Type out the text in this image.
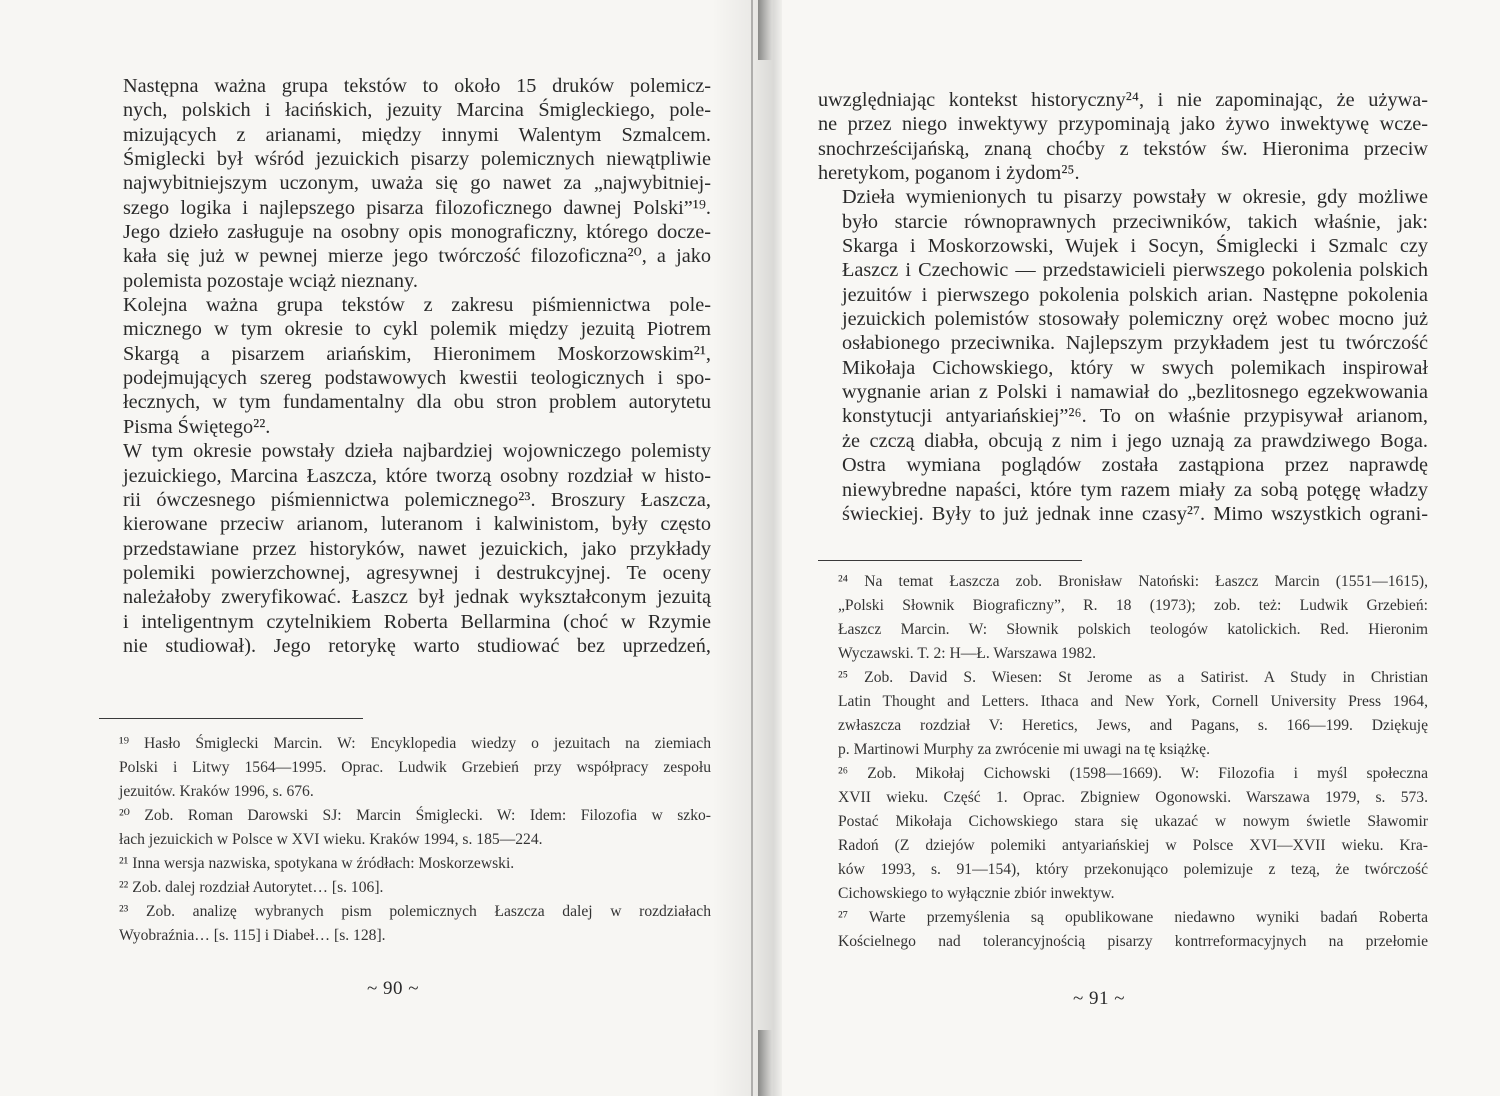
Następna ważna grupa tekstów to około 15 druków polemicz-
nych, polskich i łacińskich, jezuity Marcina Śmigleckiego, pole-
mizujących z arianami, między innymi Walentym Szmalcem.
Śmiglecki był wśród jezuickich pisarzy polemicznych niewątpliwie
najwybitniejszym uczonym, uważa się go nawet za „najwybitniej-
szego logika i najlepszego pisarza filozoficznego dawnej Polski”¹⁹.
Jego dzieło zasługuje na osobny opis monograficzny, którego docze-
kała się już w pewnej mierze jego twórczość filozoficzna²⁰, a jako
polemista pozostaje wciąż nieznany.

Kolejna ważna grupa tekstów z zakresu piśmiennictwa pole-
micznego w tym okresie to cykl polemik między jezuitą Piotrem
Skargą a pisarzem ariańskim, Hieronimem Moskorzowskim²¹,
podejmujących szereg podstawowych kwestii teologicznych i spo-
łecznych, w tym fundamentalny dla obu stron problem autorytetu
Pisma Świętego²².

W tym okresie powstały dzieła najbardziej wojowniczego polemisty
jezuickiego, Marcina Łaszcza, które tworzą osobny rozdział w histo-
rii ówczesnego piśmiennictwa polemicznego²³. Broszury Łaszcza,
kierowane przeciw arianom, luteranom i kalwinistom, były często
przedstawiane przez historyków, nawet jezuickich, jako przykłady
polemiki powierzchownej, agresywnej i destrukcyjnej. Te oceny
należałoby zweryfikować. Łaszcz był jednak wykształconym jezuitą
i inteligentnym czytelnikiem Roberta Bellarmina (choć w Rzymie
nie studiował). Jego retorykę warto studiować bez uprzedzeń,

¹⁹ Hasło Śmiglecki Marcin. W: Encyklopedia wiedzy o jezuitach na ziemiach
Polski i Litwy 1564—1995. Oprac. Ludwik Grzebień przy współpracy zespołu
jezuitów. Kraków 1996, s. 676.

²⁰ Zob. Roman Darowski SJ: Marcin Śmiglecki. W: Idem: Filozofia w szko-
łach jezuickich w Polsce w XVI wieku. Kraków 1994, s. 185—224.

²¹ Inna wersja nazwiska, spotykana w źródłach: Moskorzewski.

²² Zob. dalej rozdział Autorytet… [s. 106].

²³ Zob. analizę wybranych pism polemicznych Łaszcza dalej w rozdziałach
Wyobraźnia… [s. 115] i Diabeł… [s. 128].

~ 90 ~

uwzględniając kontekst historyczny²⁴, i nie zapominając, że używa-
ne przez niego inwektywy przypominają jako żywo inwektywę wcze-
snochrześcijańską, znaną choćby z tekstów św. Hieronima przeciw
heretykom, poganom i żydom²⁵.

Dzieła wymienionych tu pisarzy powstały w okresie, gdy możliwe
było starcie równoprawnych przeciwników, takich właśnie, jak:
Skarga i Moskorzowski, Wujek i Socyn, Śmiglecki i Szmalc czy
Łaszcz i Czechowic — przedstawicieli pierwszego pokolenia polskich
jezuitów i pierwszego pokolenia polskich arian. Następne pokolenia
jezuickich polemistów stosowały polemiczny oręż wobec mocno już
osłabionego przeciwnika. Najlepszym przykładem jest tu twórczość
Mikołaja Cichowskiego, który w swych polemikach inspirował
wygnanie arian z Polski i namawiał do „bezlitosnego egzekwowania
konstytucji antyariańskiej”²⁶. To on właśnie przypisywał arianom,
że czczą diabła, obcują z nim i jego uznają za prawdziwego Boga.
Ostra wymiana poglądów została zastąpiona przez naprawdę
niewybredne napaści, które tym razem miały za sobą potęgę władzy
świeckiej. Były to już jednak inne czasy²⁷. Mimo wszystkich ograni-

²⁴ Na temat Łaszcza zob. Bronisław Natoński: Łaszcz Marcin (1551—1615),
„Polski Słownik Biograficzny”, R. 18 (1973); zob. też: Ludwik Grzebień:
Łaszcz Marcin. W: Słownik polskich teologów katolickich. Red. Hieronim
Wyczawski. T. 2: H—Ł. Warszawa 1982.

²⁵ Zob. David S. Wiesen: St Jerome as a Satirist. A Study in Christian
Latin Thought and Letters. Ithaca and New York, Cornell University Press 1964,
zwłaszcza rozdział V: Heretics, Jews, and Pagans, s. 166—199. Dziękuję
p. Martinowi Murphy za zwrócenie mi uwagi na tę książkę.

²⁶ Zob. Mikołaj Cichowski (1598—1669). W: Filozofia i myśl społeczna
XVII wieku. Część 1. Oprac. Zbigniew Ogonowski. Warszawa 1979, s. 573.
Postać Mikołaja Cichowskiego stara się ukazać w nowym świetle Sławomir
Radoń (Z dziejów polemiki antyariańskiej w Polsce XVI—XVII wieku. Kra-
ków 1993, s. 91—154), który przekonująco polemizuje z tezą, że twórczość
Cichowskiego to wyłącznie zbiór inwektyw.

²⁷ Warte przemyślenia są opublikowane niedawno wyniki badań Roberta
Kościelnego nad tolerancyjnością pisarzy kontrreformacyjnych na przełomie

~ 91 ~
